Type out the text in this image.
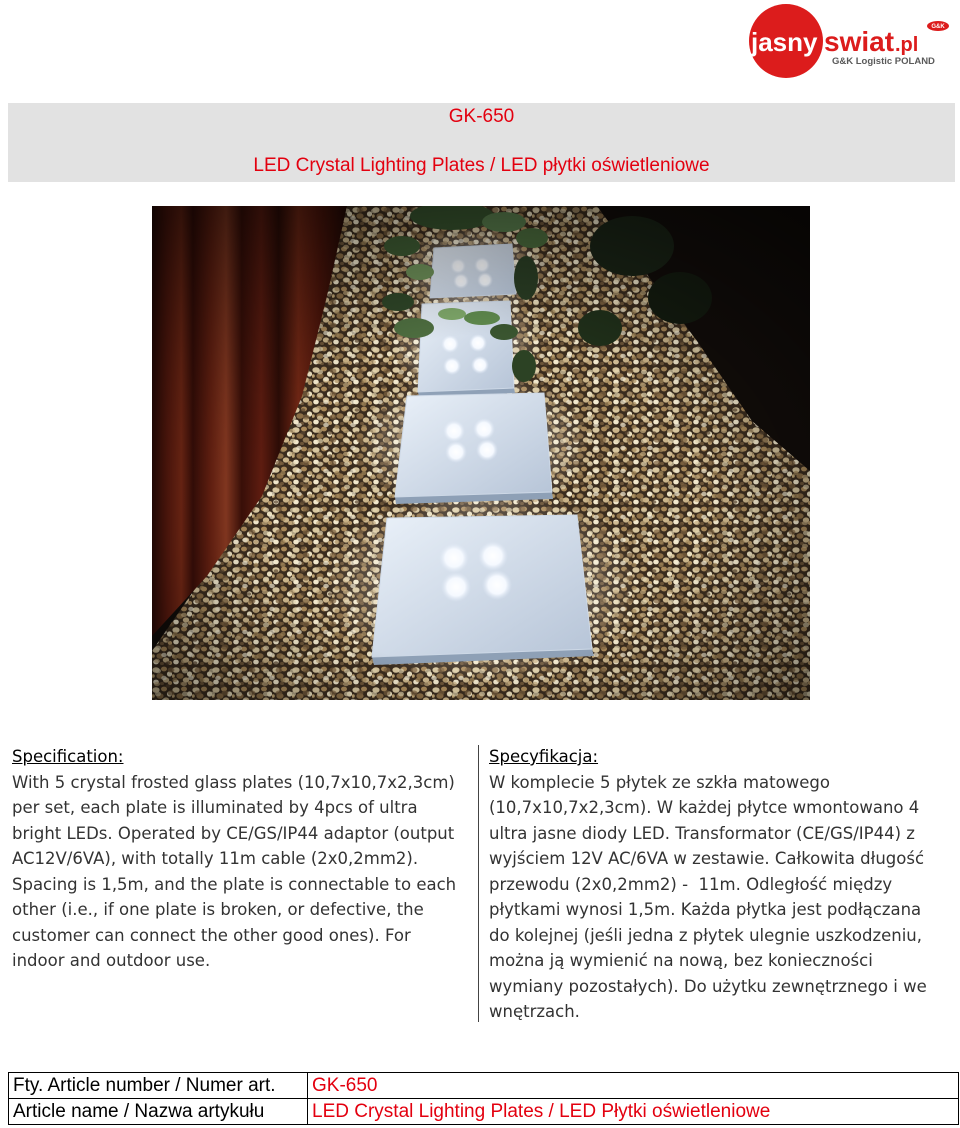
jasny swiat .pl
G&K Logistic POLAND
G&K
GK-650
LED Crystal Lighting Plates / LED płytki oświetleniowe
Specification:
With 5 crystal frosted glass plates (10,7x10,7x2,3cm)
per set, each plate is illuminated by 4pcs of ultra
bright LEDs. Operated by CE/GS/IP44 adaptor (output
AC12V/6VA), with totally 11m cable (2x0,2mm2).
Spacing is 1,5m, and the plate is connectable to each
other (i.e., if one plate is broken, or defective, the
customer can connect the other good ones). For
indoor and outdoor use.
Specyfikacja:
W komplecie 5 płytek ze szkła matowego
(10,7x10,7x2,3cm). W każdej płytce wmontowano 4
ultra jasne diody LED. Transformator (CE/GS/IP44) z
wyjściem 12V AC/6VA w zestawie. Całkowita długość
przewodu (2x0,2mm2) -  11m. Odległość między
płytkami wynosi 1,5m. Każda płytka jest podłączana
do kolejnej (jeśli jedna z płytek ulegnie uszkodzeniu,
można ją wymienić na nową, bez konieczności
wymiany pozostałych). Do użytku zewnętrznego i we
wnętrzach.
Fty. Article number / Numer art.	GK-650
Article name / Nazwa artykułu	LED Crystal Lighting Plates / LED Płytki oświetleniowe
